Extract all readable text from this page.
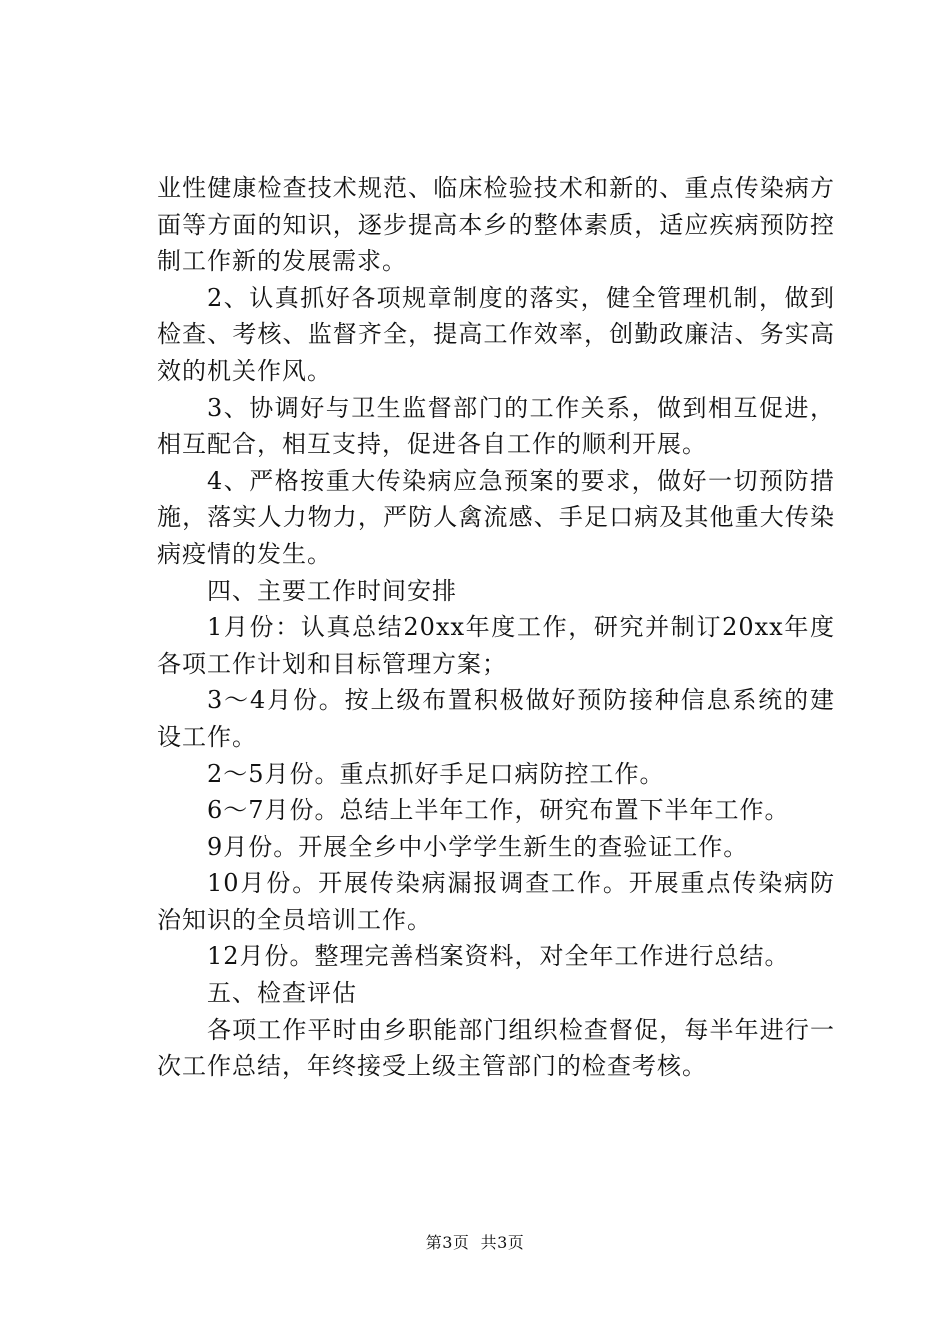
业性健康检查技术规范、临床检验技术和新的、重点传染病方面等方面的知识，逐步提高本乡的整体素质，适应疾病预防控制工作新的发展需求。

2、认真抓好各项规章制度的落实，健全管理机制，做到检查、考核、监督齐全，提高工作效率，创勤政廉洁、务实高效的机关作风。

3、协调好与卫生监督部门的工作关系，做到相互促进，相互配合，相互支持，促进各自工作的顺利开展。

4、严格按重大传染病应急预案的要求，做好一切预防措施，落实人力物力，严防人禽流感、手足口病及其他重大传染病疫情的发生。

四、主要工作时间安排

1月份：认真总结20xx年度工作，研究并制订20xx年度各项工作计划和目标管理方案；

3～4月份。按上级布置积极做好预防接种信息系统的建设工作。

2～5月份。重点抓好手足口病防控工作。

6～7月份。总结上半年工作，研究布置下半年工作。

9月份。开展全乡中小学学生新生的查验证工作。

10月份。开展传染病漏报调查工作。开展重点传染病防治知识的全员培训工作。

12月份。整理完善档案资料，对全年工作进行总结。

五、检查评估

各项工作平时由乡职能部门组织检查督促，每半年进行一次工作总结，年终接受上级主管部门的检查考核。

第3页  共3页
